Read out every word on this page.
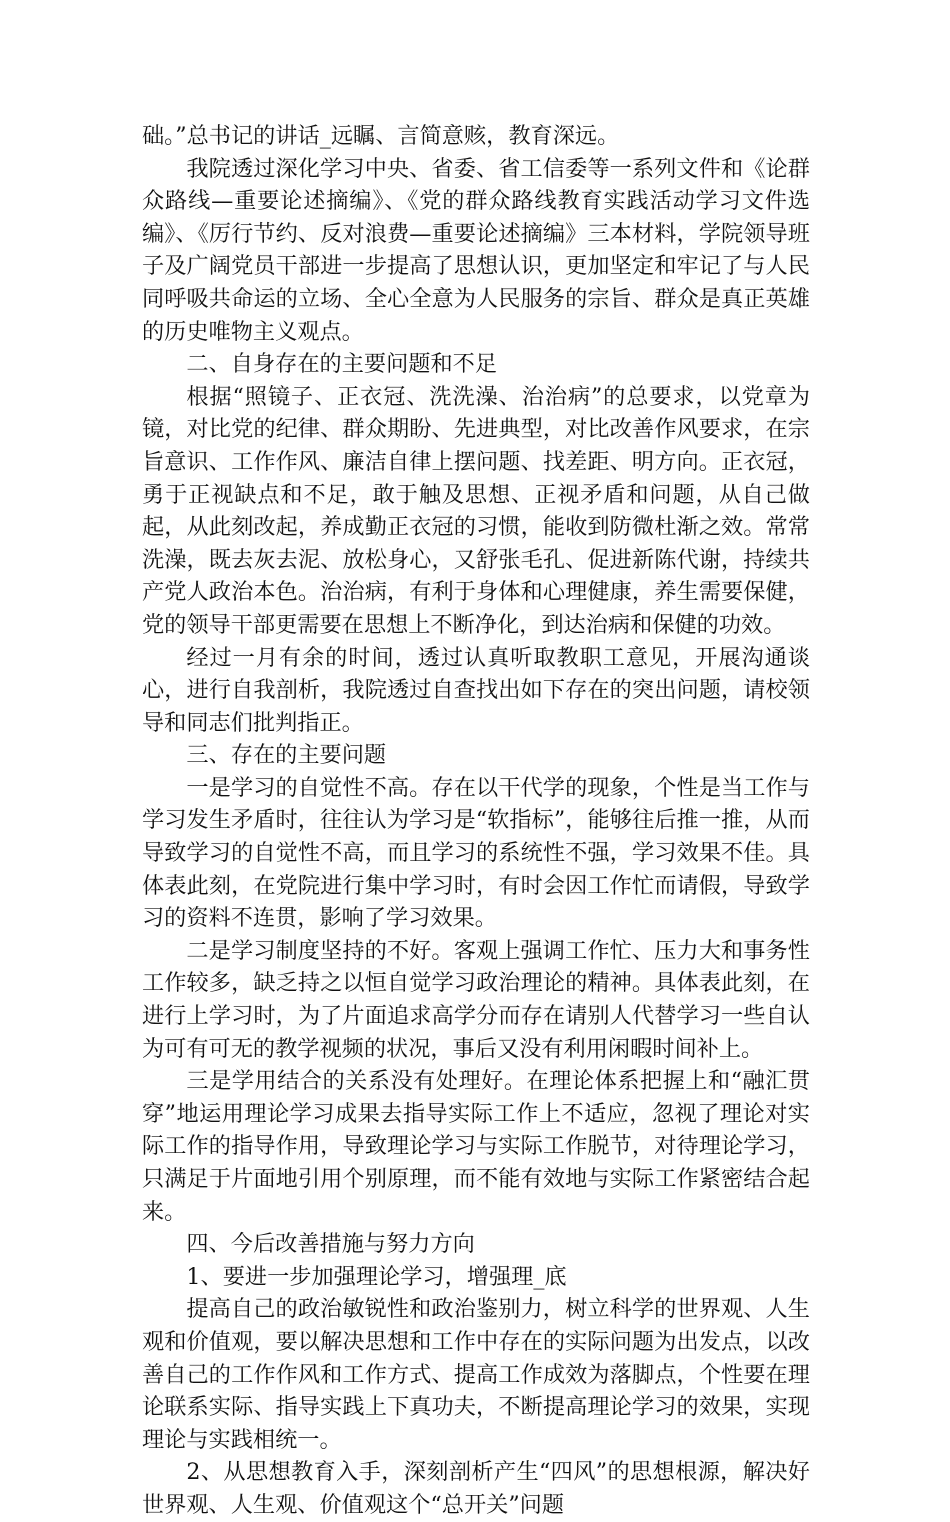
础。”总书记的讲话_远瞩、言简意赅，教育深远。

我院透过深化学习中央、省委、省工信委等一系列文件和《论群众路线—重要论述摘编》、《党的群众路线教育实践活动学习文件选编》、《厉行节约、反对浪费—重要论述摘编》三本材料，学院领导班子及广阔党员干部进一步提高了思想认识，更加坚定和牢记了与人民同呼吸共命运的立场、全心全意为人民服务的宗旨、群众是真正英雄的历史唯物主义观点。

二、自身存在的主要问题和不足

根据“照镜子、正衣冠、洗洗澡、治治病”的总要求，以党章为镜，对比党的纪律、群众期盼、先进典型，对比改善作风要求，在宗旨意识、工作作风、廉洁自律上摆问题、找差距、明方向。正衣冠，勇于正视缺点和不足，敢于触及思想、正视矛盾和问题，从自己做起，从此刻改起，养成勤正衣冠的习惯，能收到防微杜渐之效。常常洗澡，既去灰去泥、放松身心，又舒张毛孔、促进新陈代谢，持续共产党人政治本色。治治病，有利于身体和心理健康，养生需要保健，党的领导干部更需要在思想上不断净化，到达治病和保健的功效。

经过一月有余的时间，透过认真听取教职工意见，开展沟通谈心，进行自我剖析，我院透过自查找出如下存在的突出问题，请校领导和同志们批判指正。

三、存在的主要问题

一是学习的自觉性不高。存在以干代学的现象，个性是当工作与学习发生矛盾时，往往认为学习是“软指标”，能够往后推一推，从而导致学习的自觉性不高，而且学习的系统性不强，学习效果不佳。具体表此刻，在党院进行集中学习时，有时会因工作忙而请假，导致学习的资料不连贯，影响了学习效果。

二是学习制度坚持的不好。客观上强调工作忙、压力大和事务性工作较多，缺乏持之以恒自觉学习政治理论的精神。具体表此刻，在进行上学习时，为了片面追求高学分而存在请别人代替学习一些自认为可有可无的教学视频的状况，事后又没有利用闲暇时间补上。

三是学用结合的关系没有处理好。在理论体系把握上和“融汇贯穿”地运用理论学习成果去指导实际工作上不适应，忽视了理论对实际工作的指导作用，导致理论学习与实际工作脱节，对待理论学习，只满足于片面地引用个别原理，而不能有效地与实际工作紧密结合起来。

四、今后改善措施与努力方向

1、要进一步加强理论学习，增强理_底

提高自己的政治敏锐性和政治鉴别力，树立科学的世界观、人生观和价值观，要以解决思想和工作中存在的实际问题为出发点，以改善自己的工作作风和工作方式、提高工作成效为落脚点，个性要在理论联系实际、指导实践上下真功夫，不断提高理论学习的效果，实现理论与实践相统一。

2、从思想教育入手，深刻剖析产生“四风”的思想根源，解决好世界观、人生观、价值观这个“总开关”问题
